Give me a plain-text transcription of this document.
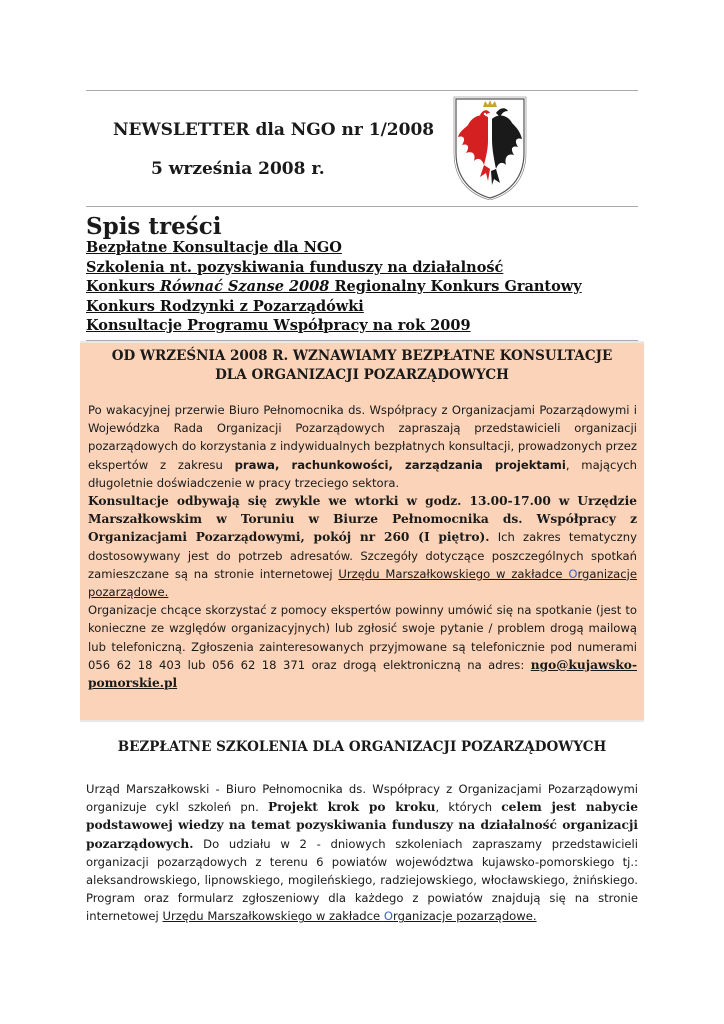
NEWSLETTER dla NGO nr 1/2008
5 września 2008 r.
Spis treści
Bezpłatne Konsultacje dla NGO
Szkolenia nt. pozyskiwania funduszy na działalność
Konkurs Równać Szanse 2008 Regionalny Konkurs Grantowy
Konkurs Rodzynki z Pozarządówki
Konsultacje Programu Współpracy na rok 2009
OD WRZEŚNIA 2008 R. WZNAWIAMY BEZPŁATNE KONSULTACJE
DLA ORGANIZACJI POZARZĄDOWYCH

Po wakacyjnej przerwie Biuro Pełnomocnika ds. Współpracy z Organizacjami Pozarządowymi i Wojewódzka Rada Organizacji Pozarządowych zapraszają przedstawicieli organizacji pozarządowych do korzystania z indywidualnych bezpłatnych konsultacji, prowadzonych przez ekspertów z zakresu prawa, rachunkowości, zarządzania projektami, mających długoletnie doświadczenie w pracy trzeciego sektora.

Konsultacje odbywają się zwykle we wtorki w godz. 13.00-17.00 w Urzędzie Marszałkowskim w Toruniu w Biurze Pełnomocnika ds. Współpracy z Organizacjami Pozarządowymi, pokój nr 260 (I piętro). Ich zakres tematyczny dostosowywany jest do potrzeb adresatów. Szczegóły dotyczące poszczególnych spotkań zamieszczane są na stronie internetowej Urzędu Marszałkowskiego w zakładce Organizacje pozarządowe.

Organizacje chcące skorzystać z pomocy ekspertów powinny umówić się na spotkanie (jest to konieczne ze względów organizacyjnych) lub zgłosić swoje pytanie / problem drogą mailową lub telefoniczną. Zgłoszenia zainteresowanych przyjmowane są telefonicznie pod numerami 056 62 18 403 lub 056 62 18 371 oraz drogą elektroniczną na adres: ngo@kujawsko-pomorskie.pl

BEZPŁATNE SZKOLENIA DLA ORGANIZACJI POZARZĄDOWYCH

Urząd Marszałkowski - Biuro Pełnomocnika ds. Współpracy z Organizacjami Pozarządowymi organizuje cykl szkoleń pn. Projekt krok po kroku, których celem jest nabycie podstawowej wiedzy na temat pozyskiwania funduszy na działalność organizacji pozarządowych. Do udziału w 2 - dniowych szkoleniach zapraszamy przedstawicieli organizacji pozarządowych z terenu 6 powiatów województwa kujawsko-pomorskiego tj.: aleksandrowskiego, lipnowskiego, mogileńskiego, radziejowskiego, włocławskiego, żnińskiego. Program oraz formularz zgłoszeniowy dla każdego z powiatów znajdują się na stronie internetowej Urzędu Marszałkowskiego w zakładce Organizacje pozarządowe.
